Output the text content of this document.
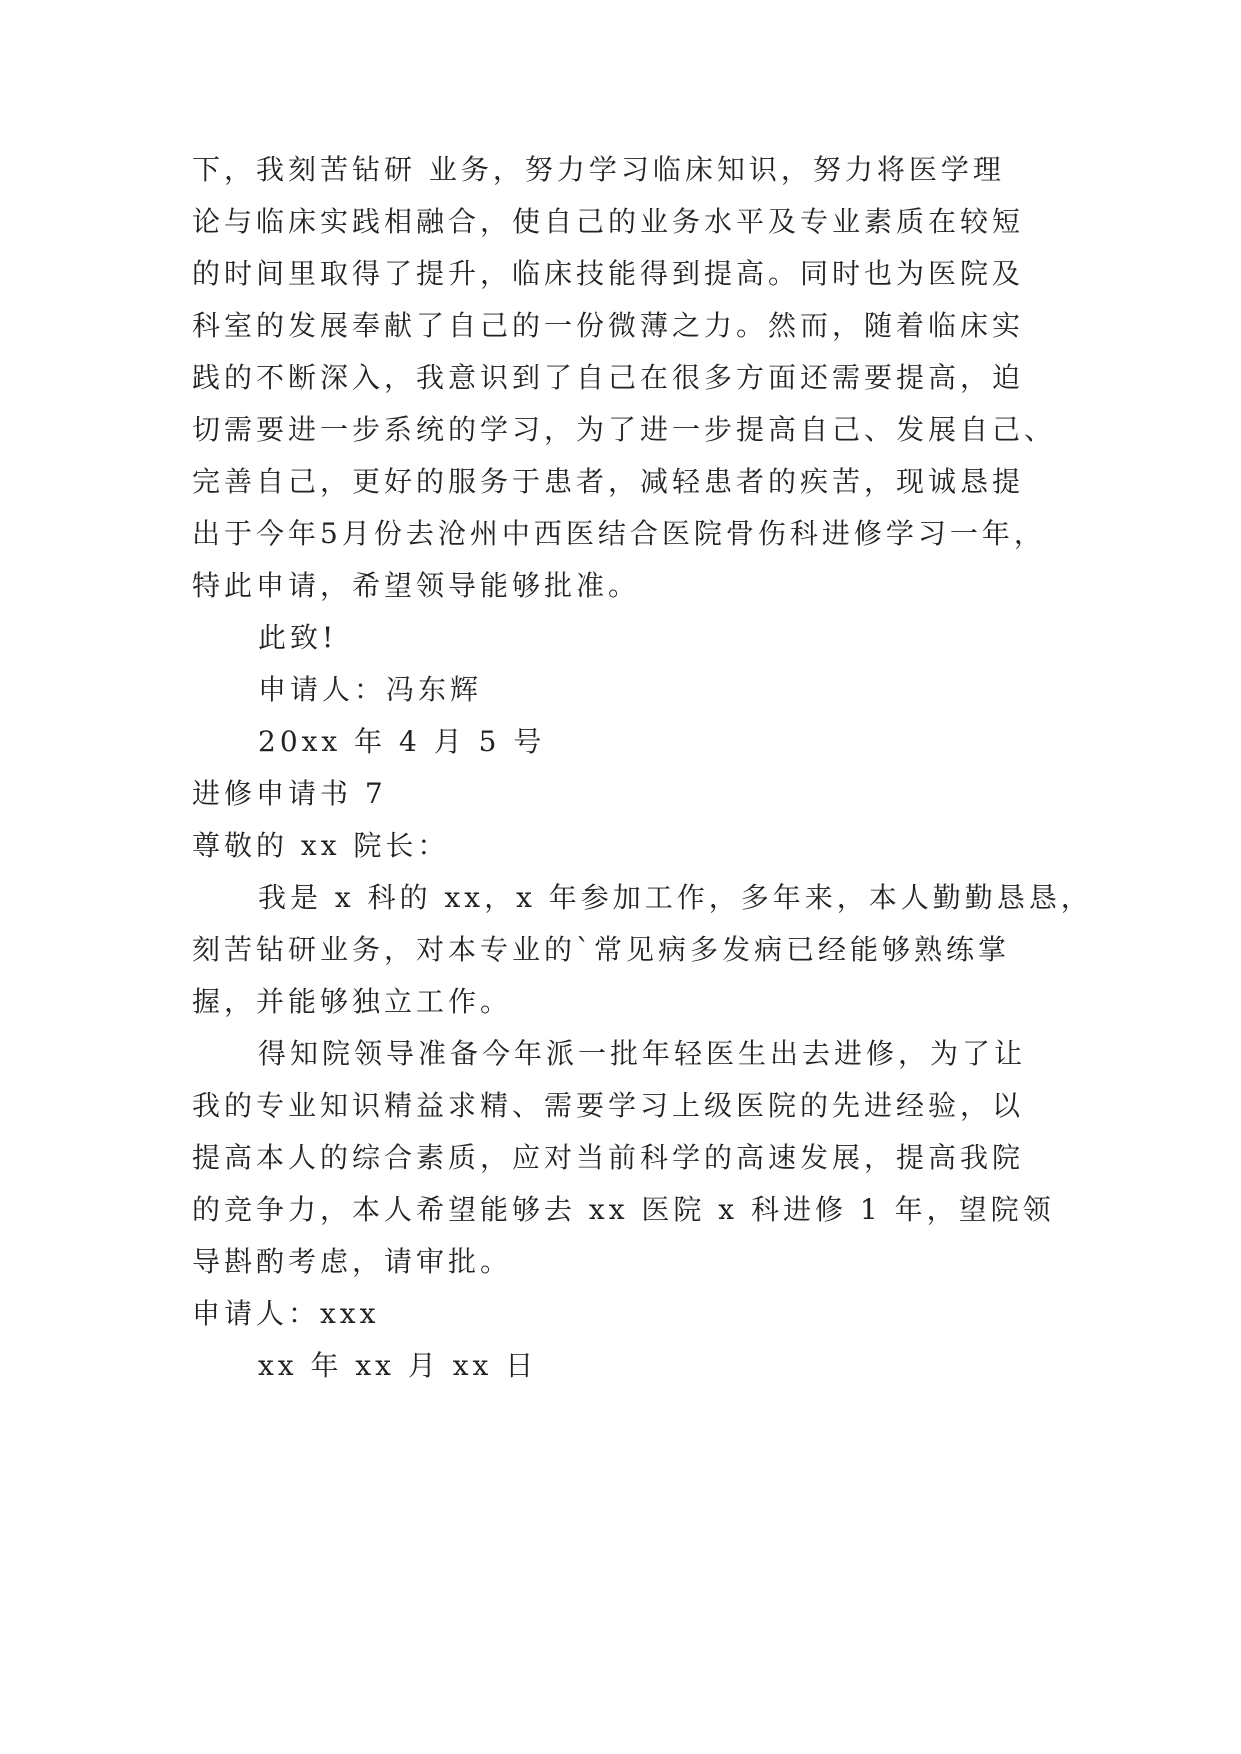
下，我刻苦钻研 业务，努力学习临床知识，努力将医学理
论与临床实践相融合，使自己的业务水平及专业素质在较短
的时间里取得了提升，临床技能得到提高。同时也为医院及
科室的发展奉献了自己的一份微薄之力。然而，随着临床实
践的不断深入，我意识到了自己在很多方面还需要提高，迫
切需要进一步系统的学习，为了进一步提高自己、发展自己、
完善自己，更好的服务于患者，减轻患者的疾苦，现诚恳提
出于今年5月份去沧州中西医结合医院骨伤科进修学习一年，
特此申请，希望领导能够批准。
此致!
申请人：冯东辉
20xx 年 4 月 5 号
进修申请书 7
尊敬的 xx 院长：
我是 x 科的 xx，x 年参加工作，多年来，本人勤勤恳恳，
刻苦钻研业务，对本专业的`常见病多发病已经能够熟练掌
握，并能够独立工作。
得知院领导准备今年派一批年轻医生出去进修，为了让
我的专业知识精益求精、需要学习上级医院的先进经验，以
提高本人的综合素质，应对当前科学的高速发展，提高我院
的竞争力，本人希望能够去 xx 医院 x 科进修 1 年，望院领
导斟酌考虑，请审批。
申请人：xxx
xx 年 xx 月 xx 日
